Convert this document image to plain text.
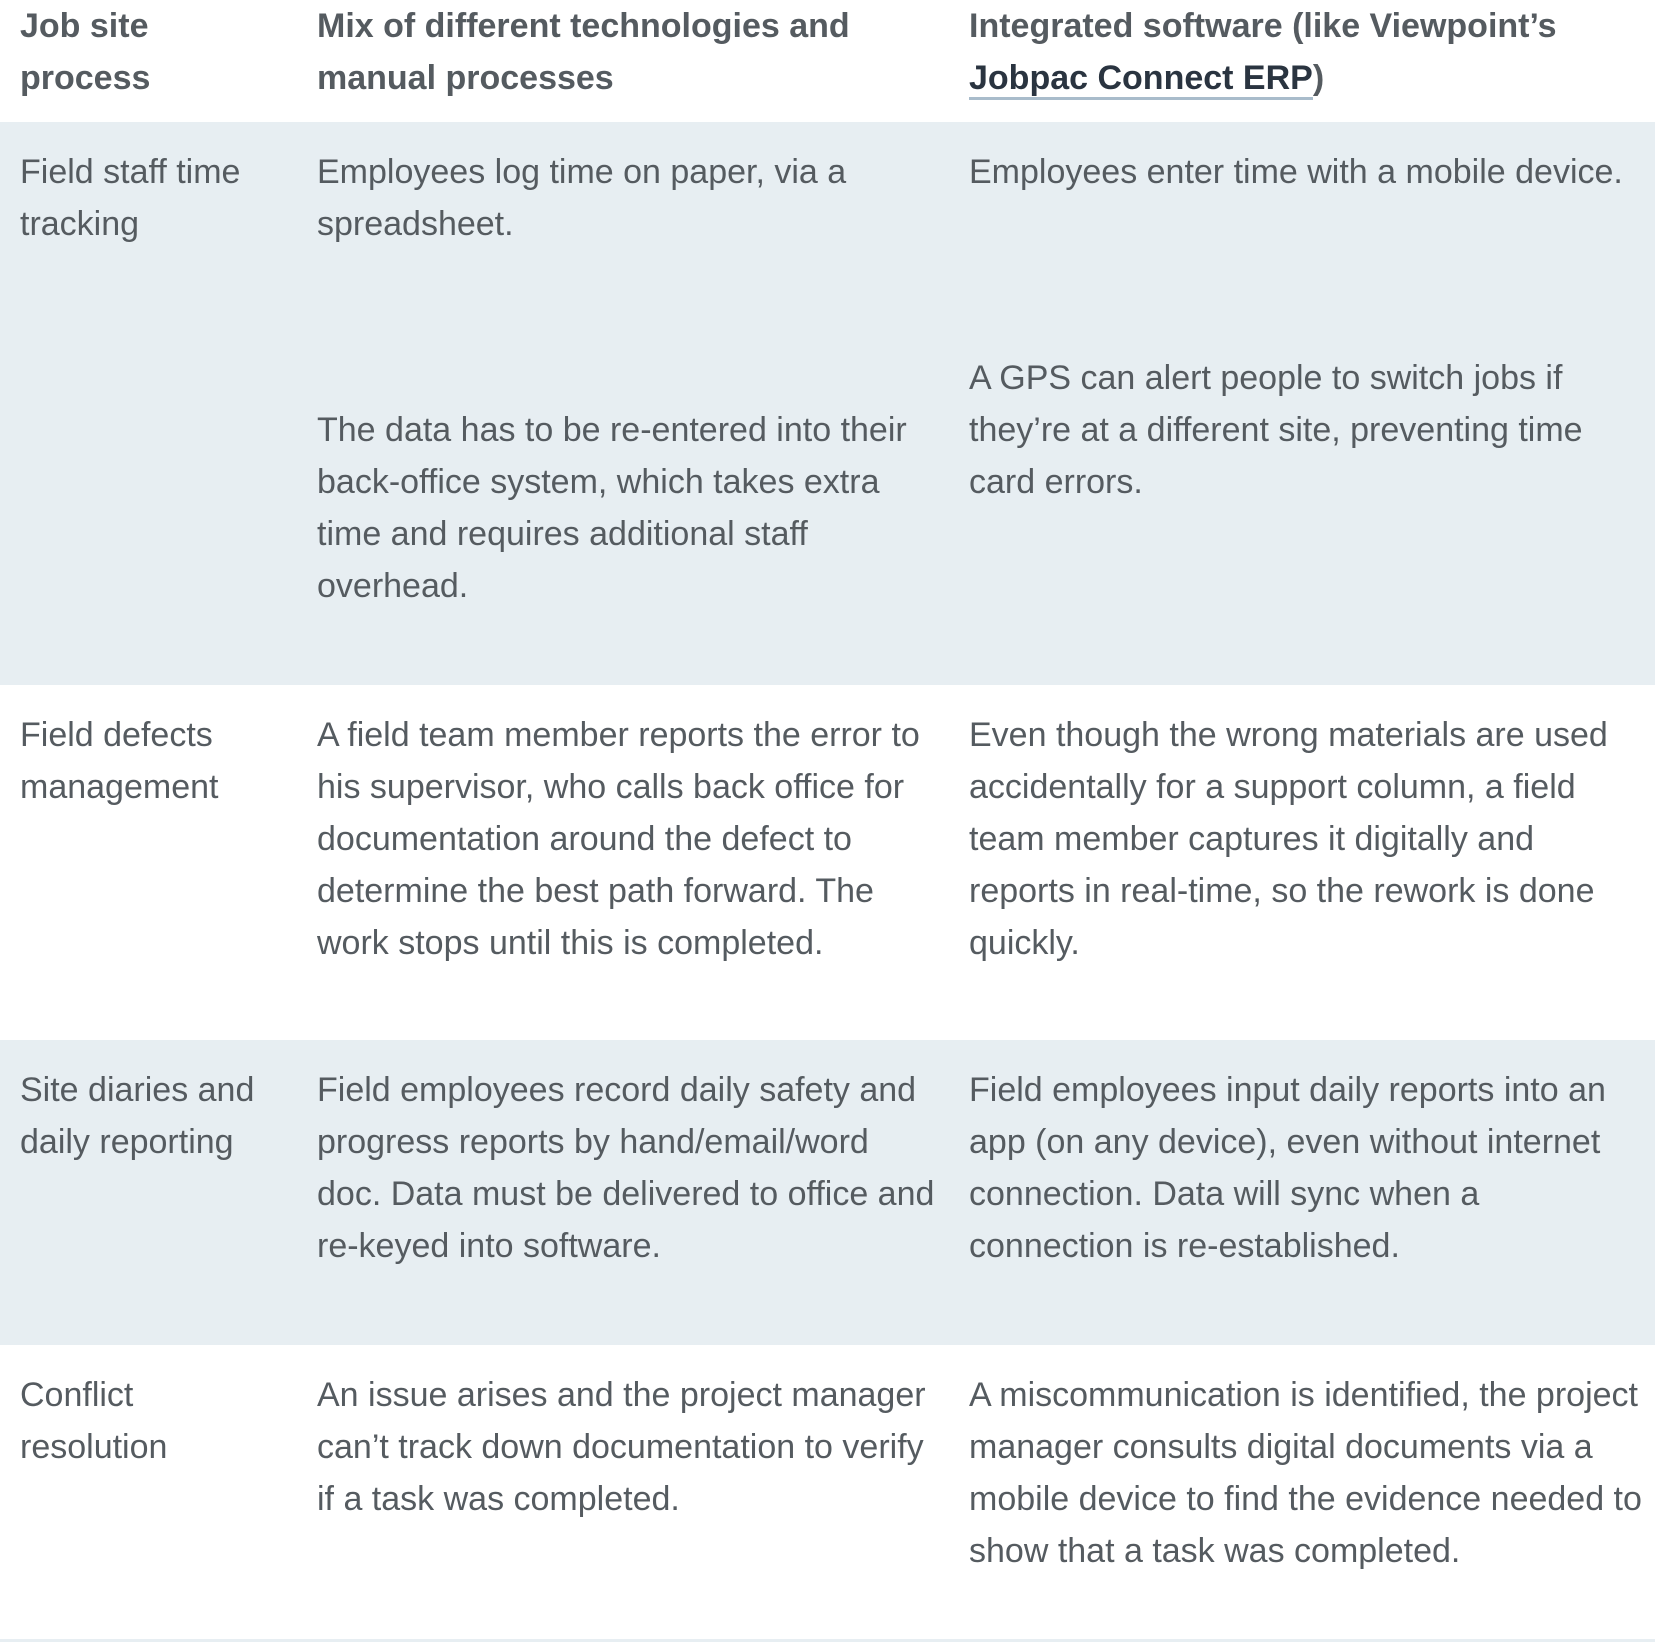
Job site process
Mix of different technologies and manual processes
Integrated software (like Viewpoint’s Jobpac Connect ERP)
Field staff time tracking

Employees log time on paper, via a spreadsheet.

The data has to be re-entered into their back-office system, which takes extra time and requires additional staff overhead.

Employees enter time with a mobile device.

A GPS can alert people to switch jobs if they’re at a different site, preventing time card errors.

Field defects management

A field team member reports the error to his supervisor, who calls back office for documentation around the defect to determine the best path forward. The work stops until this is completed.

Even though the wrong materials are used accidentally for a support column, a field team member captures it digitally and reports in real-time, so the rework is done quickly.

Site diaries and daily reporting

Field employees record daily safety and progress reports by hand/email/word doc. Data must be delivered to office and re-keyed into software.

Field employees input daily reports into an app (on any device), even without internet connection. Data will sync when a connection is re-established.

Conflict resolution

An issue arises and the project manager can’t track down documentation to verify if a task was completed.

A miscommunication is identified, the project manager consults digital documents via a mobile device to find the evidence needed to show that a task was completed.
